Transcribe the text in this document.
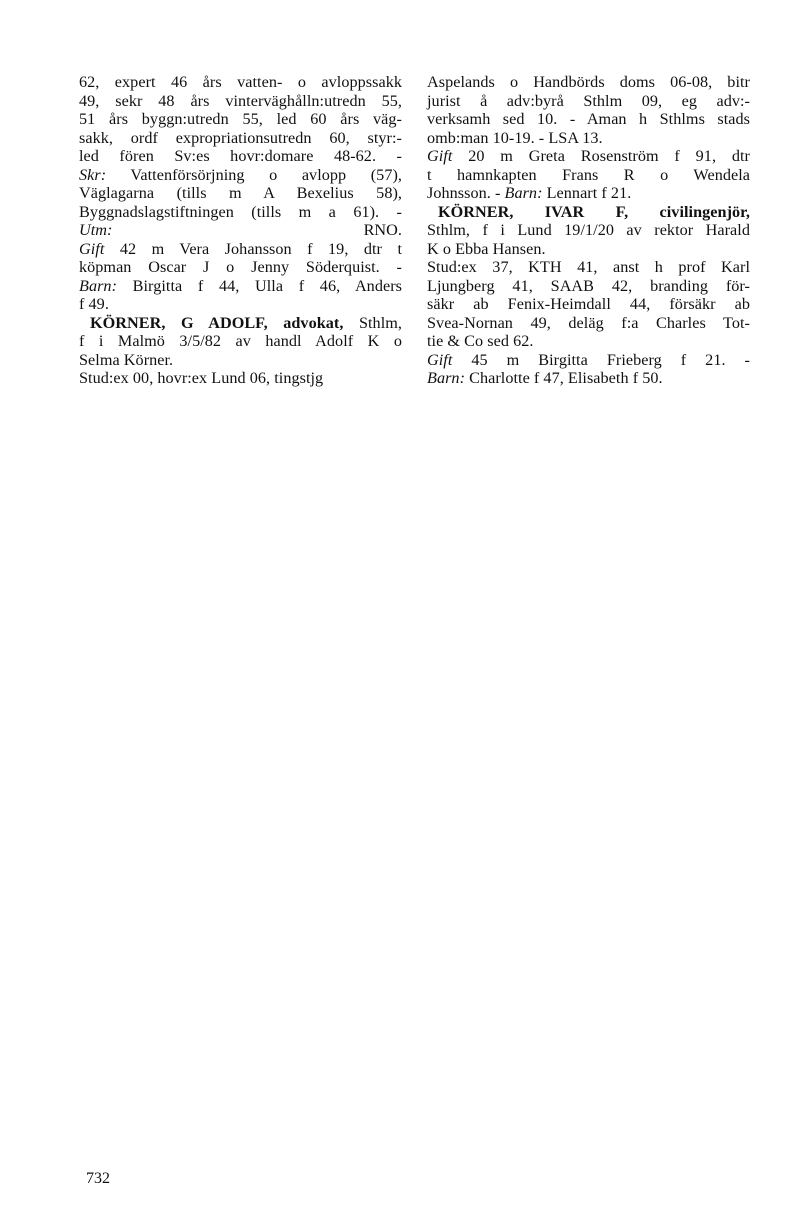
62, expert 46 års vatten- o avloppssakk
49, sekr 48 års vinterväghålln:utredn 55,
51 års byggn:utredn 55, led 60 års väg-
sakk, ordf expropriationsutredn 60, styr:-
led fören Sv:es hovr:domare 48-62. -
Skr: Vattenförsörjning o avlopp (57),
Väglagarna (tills m A Bexelius 58),
Byggnadslagstiftningen (tills m a 61). -
Utm: RNO.
Gift 42 m Vera Johansson f 19, dtr t
köpman Oscar J o Jenny Söderquist. -
Barn: Birgitta f 44, Ulla f 46, Anders
f 49.
KÖRNER, G ADOLF, advokat, Sthlm,
f i Malmö 3/5/82 av handl Adolf K o
Selma Körner.
Stud:ex 00, hovr:ex Lund 06, tingstjg
Aspelands o Handbörds doms 06-08, bitr
jurist å adv:byrå Sthlm 09, eg adv:-
verksamh sed 10. - Aman h Sthlms stads
omb:man 10-19. - LSA 13.
Gift 20 m Greta Rosenström f 91, dtr
t hamnkapten Frans R o Wendela
Johnsson. - Barn: Lennart f 21.
KÖRNER, IVAR F, civilingenjör,
Sthlm, f i Lund 19/1/20 av rektor Harald
K o Ebba Hansen.
Stud:ex 37, KTH 41, anst h prof Karl
Ljungberg 41, SAAB 42, branding för-
säkr ab Fenix-Heimdall 44, försäkr ab
Svea-Nornan 49, deläg f:a Charles Tot-
tie & Co sed 62.
Gift 45 m Birgitta Frieberg f 21. -
Barn: Charlotte f 47, Elisabeth f 50.
732
